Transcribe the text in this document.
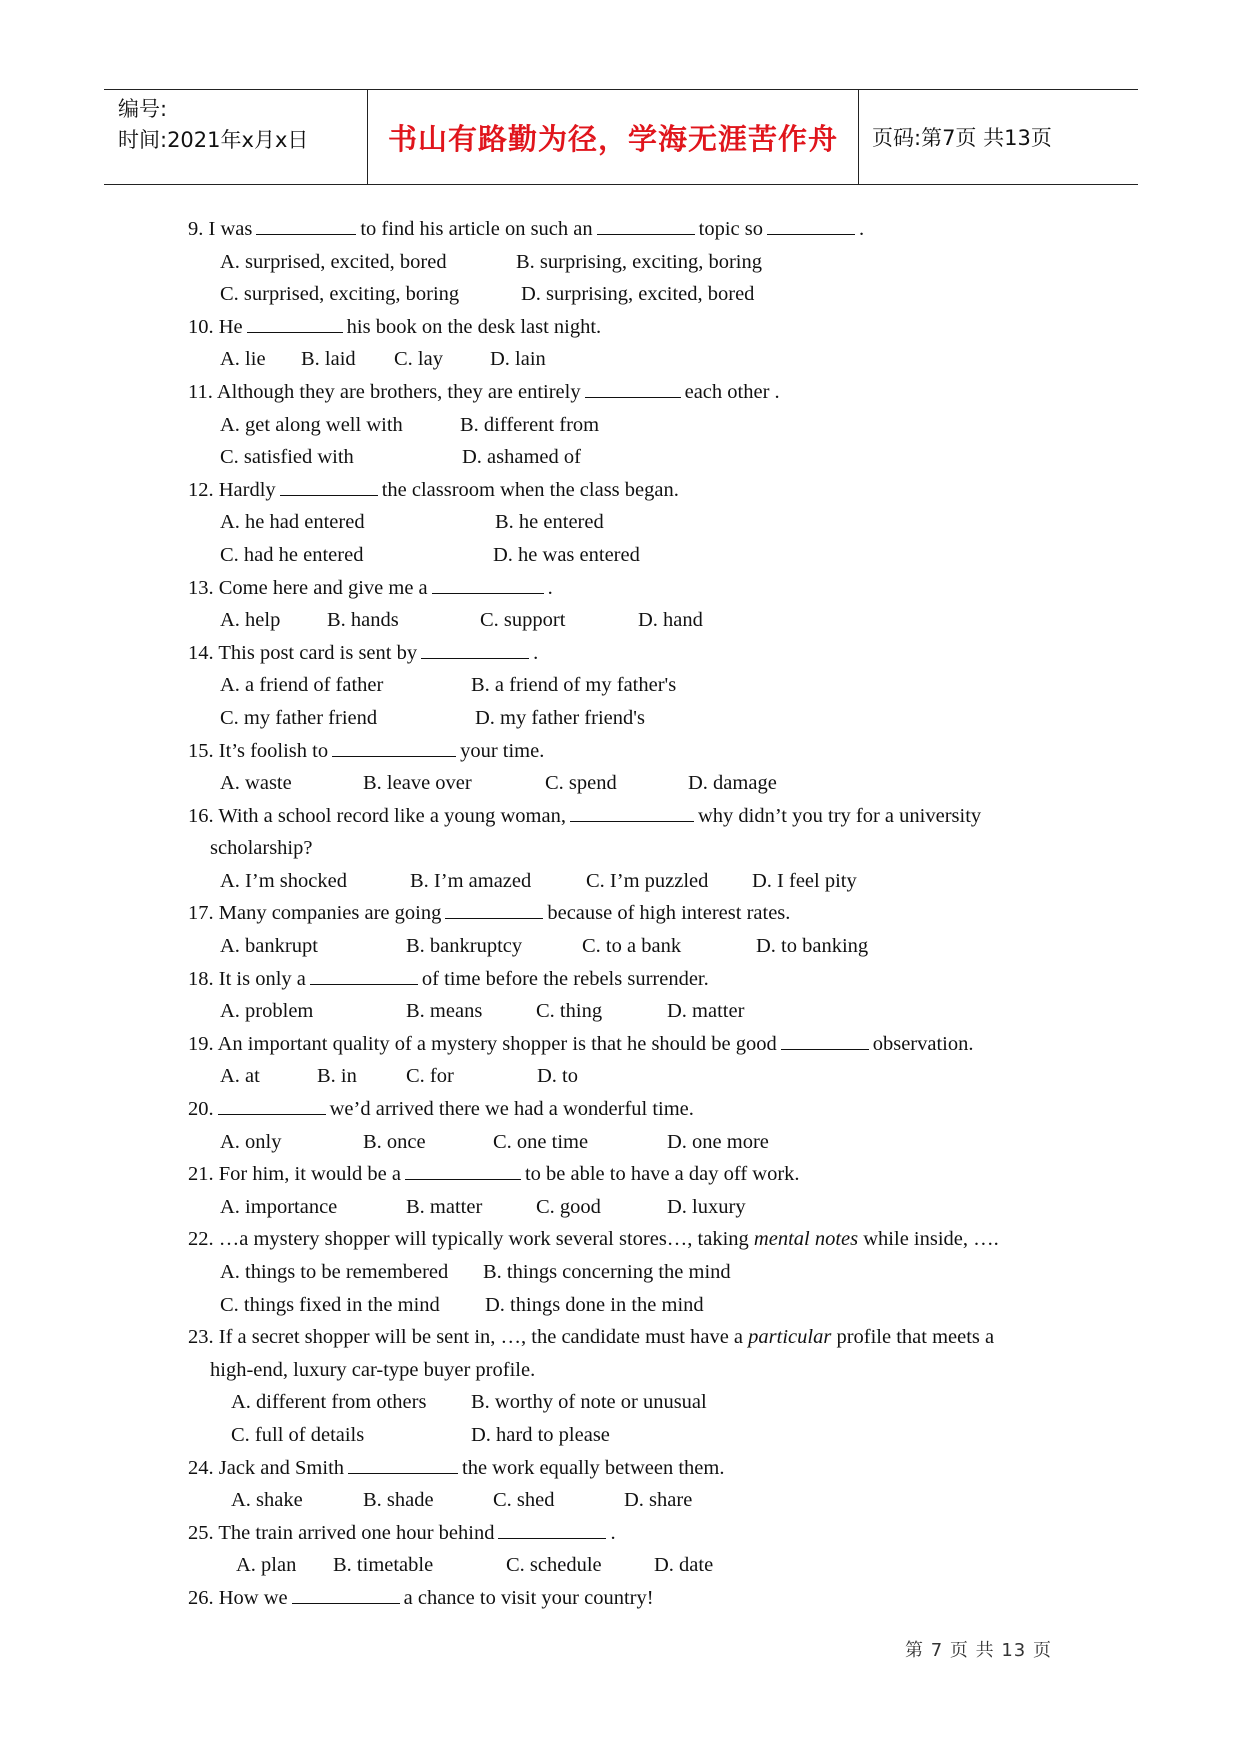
编号:
时间:2021年x月x日	书山有路勤为径，学海无涯苦作舟	页码:第7页 共13页
9. I was	to find his article on such an	topic so	.
A. surprised, excited, bored	B. surprising, exciting, boring
C. surprised, exciting, boring	D. surprising, excited, bored
10. He	his book on the desk last night.
A. lie B. laid C. lay D. lain
11. Although they are brothers, they are entirely	each other .
A. get along well with	B. different from
C. satisfied with	D. ashamed of
12. Hardly	the classroom when the class began.
A. he had entered	B. he entered
C. had he entered	D. he was entered
13. Come here and give me a	.
A. help B. hands	C. support	D. hand
14. This post card is sent by	.
A. a friend of father	B. a friend of my father's
C. my father friend	D. my father friend's
15. It’s foolish to	your time.
A. waste	B. leave over	C. spend	D. damage
16. With a school record like a young woman,	why didn’t you try for a university
scholarship?
A. I’m shocked	B. I’m amazed	C. I’m puzzled D. I feel pity
17. Many companies are going	because of high interest rates.
A. bankrupt	B. bankruptcy	C. to a bank	D. to banking
18. It is only a	of time before the rebels surrender.
A. problem	B. means	C. thing	D. matter
19. An important quality of a mystery shopper is that he should be good	observation.
A. at	B. in C. for	D. to
20.	we’d arrived there we had a wonderful time.
A. only	B. once	C. one time	D. one more
21. For him, it would be a	to be able to have a day off work.
A. importance	B. matter	C. good	D. luxury
22. …a mystery shopper will typically work several stores…, taking mental notes while inside, ….
A. things to be remembered B. things concerning the mind
C. things fixed in the mind D. things done in the mind
23. If a secret shopper will be sent in, …, the candidate must have a particular profile that meets a
high-end, luxury car-type buyer profile.
A. different from others B. worthy of note or unusual
C. full of details	D. hard to please
24. Jack and Smith	the work equally between them.
A. shake	B. shade	C. shed	D. share
25. The train arrived one hour behind	.
A. plan B. timetable	C. schedule	D. date
26. How we	a chance to visit your country!
第 7 页 共 13 页
